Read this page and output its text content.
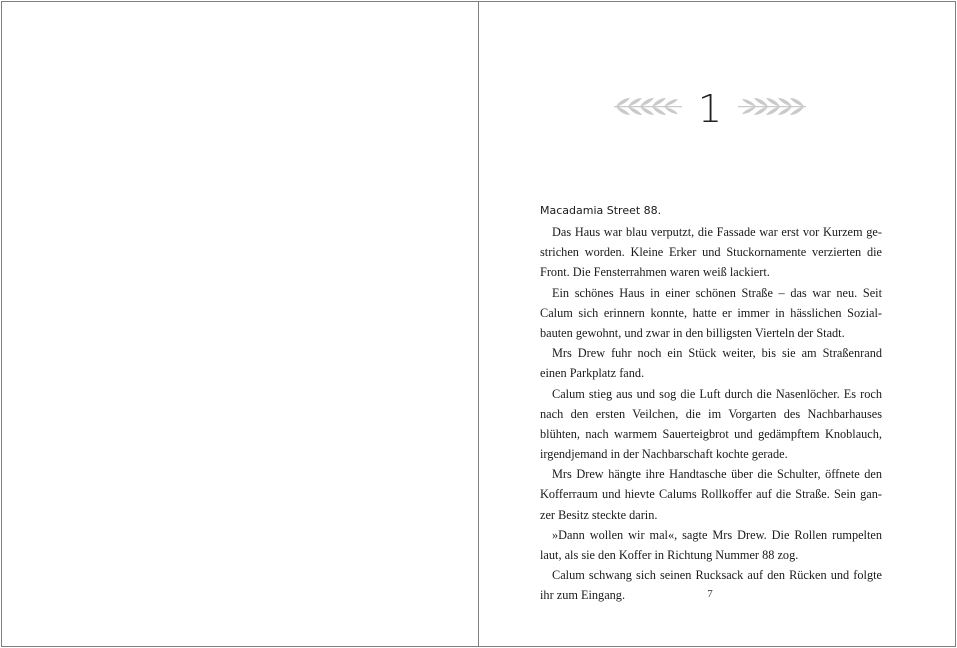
1

Macadamia Street 88.

Das Haus war blau verputzt, die Fassade war erst vor Kurzem ge-
strichen worden. Kleine Erker und Stuckornamente verzierten die
Front. Die Fensterrahmen waren weiß lackiert.

Ein schönes Haus in einer schönen Straße – das war neu. Seit
Calum sich erinnern konnte, hatte er immer in hässlichen Sozial-
bauten gewohnt, und zwar in den billigsten Vierteln der Stadt.

Mrs Drew fuhr noch ein Stück weiter, bis sie am Straßenrand
einen Parkplatz fand.

Calum stieg aus und sog die Luft durch die Nasenlöcher. Es roch
nach den ersten Veilchen, die im Vorgarten des Nachbarhauses
blühten, nach warmem Sauerteigbrot und gedämpftem Knoblauch,
irgendjemand in der Nachbarschaft kochte gerade.

Mrs Drew hängte ihre Handtasche über die Schulter, öffnete den
Kofferraum und hievte Calums Rollkoffer auf die Straße. Sein gan-
zer Besitz steckte darin.

»Dann wollen wir mal«, sagte Mrs Drew. Die Rollen rumpelten
laut, als sie den Koffer in Richtung Nummer 88 zog.

Calum schwang sich seinen Rucksack auf den Rücken und folgte
ihr zum Eingang.	7
